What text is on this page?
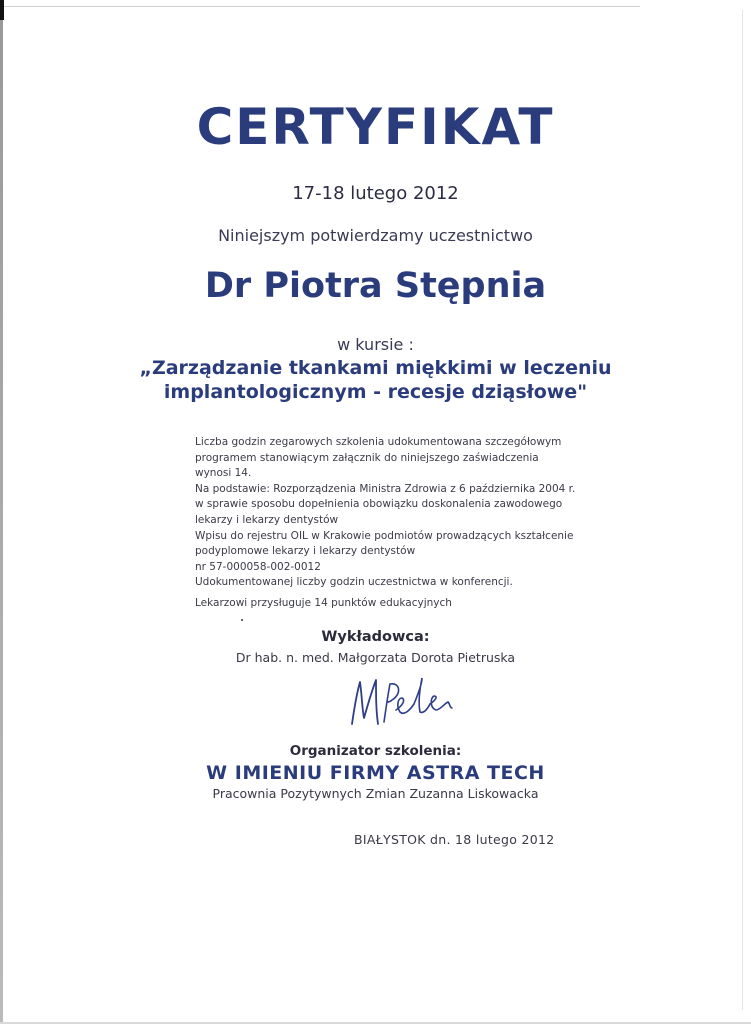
CERTYFIKAT
17-18 lutego 2012
Niniejszym potwierdzamy uczestnictwo
Dr Piotra Stępnia
w kursie :
„Zarządzanie tkankami miękkimi w leczeniu
implantologicznym - recesje dziąsłowe"
Liczba godzin zegarowych szkolenia udokumentowana szczegółowym
programem stanowiącym załącznik do niniejszego zaświadczenia
wynosi 14.
Na podstawie: Rozporządzenia Ministra Zdrowia z 6 października 2004 r.
w sprawie sposobu dopełnienia obowiązku doskonalenia zawodowego
lekarzy i lekarzy dentystów
Wpisu do rejestru OIL w Krakowie podmiotów prowadzących kształcenie
podyplomowe lekarzy i lekarzy dentystów
nr 57-000058-002-0012
Udokumentowanej liczby godzin uczestnictwa w konferencji.
Lekarzowi przysługuje 14 punktów edukacyjnych
Wykładowca:
Dr hab. n. med. Małgorzata Dorota Pietruska
Organizator szkolenia:
W IMIENIU FIRMY ASTRA TECH
Pracownia Pozytywnych Zmian Zuzanna Liskowacka
BIAŁYSTOK dn. 18 lutego 2012
